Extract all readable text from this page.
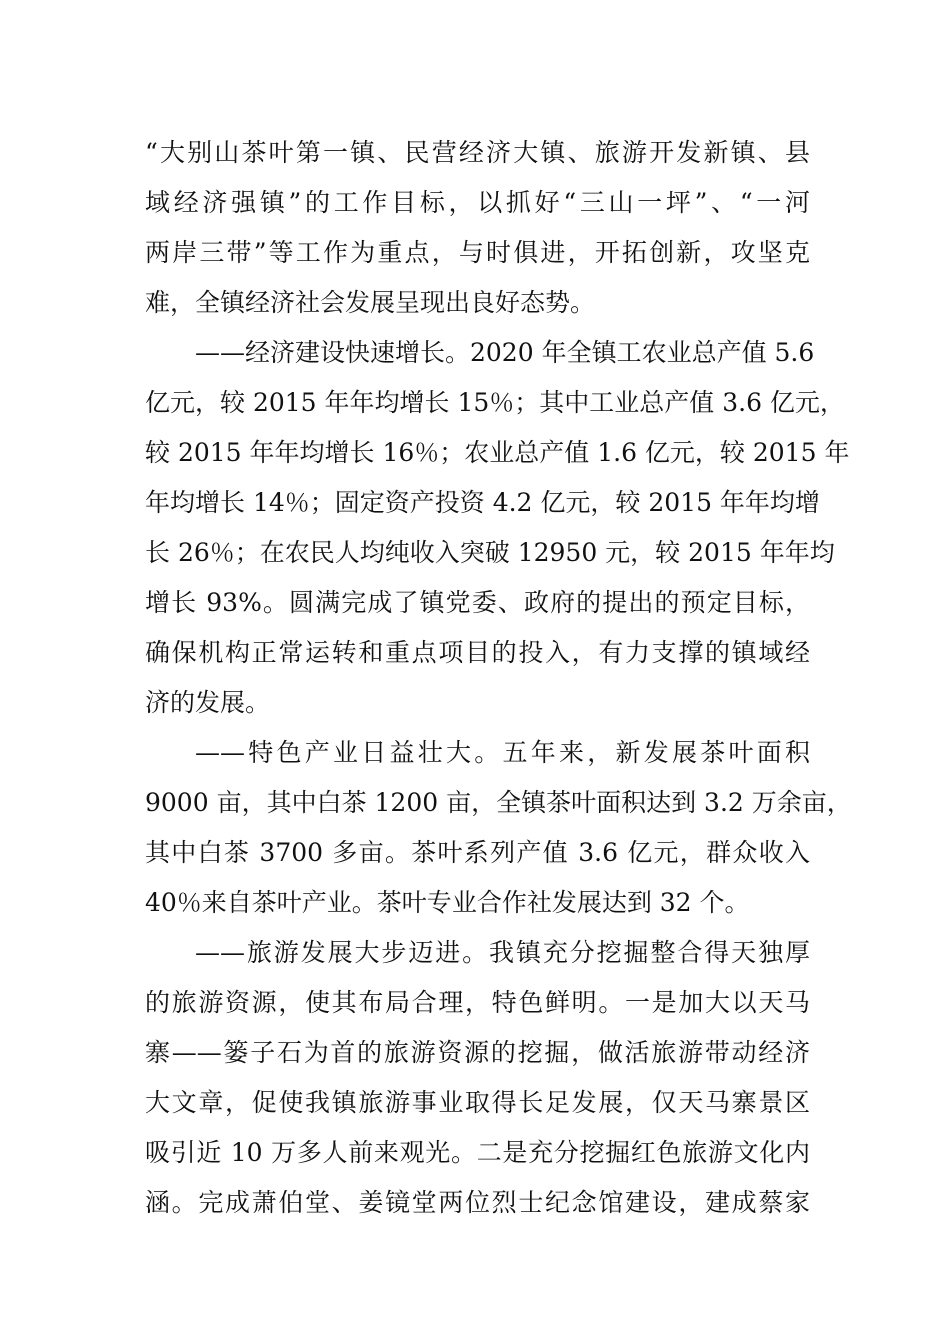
“大别山茶叶第一镇、民营经济大镇、旅游开发新镇、县
域经济强镇”的工作目标，以抓好“三山一坪”、“一河
两岸三带”等工作为重点，与时俱进，开拓创新，攻坚克
难，全镇经济社会发展呈现出良好态势。
——经济建设快速增长。2020 年全镇工农业总产值 5.6
亿元，较 2015 年年均增长 15％；其中工业总产值 3.6 亿元，
较 2015 年年均增长 16％；农业总产值 1.6 亿元，较 2015 年
年均增长 14％；固定资产投资 4.2 亿元，较 2015 年年均增
长 26％；在农民人均纯收入突破 12950 元，较 2015 年年均
增长 93%。圆满完成了镇党委、政府的提出的预定目标，
确保机构正常运转和重点项目的投入，有力支撑的镇域经
济的发展。
——特色产业日益壮大。五年来，新发展茶叶面积
9000 亩，其中白茶 1200 亩，全镇茶叶面积达到 3.2 万余亩，
其中白茶 3700 多亩。茶叶系列产值 3.6 亿元，群众收入
40％来自茶叶产业。茶叶专业合作社发展达到 32 个。
——旅游发展大步迈进。我镇充分挖掘整合得天独厚
的旅游资源，使其布局合理，特色鲜明。一是加大以天马
寨——篓子石为首的旅游资源的挖掘，做活旅游带动经济
大文章，促使我镇旅游事业取得长足发展，仅天马寨景区
吸引近 10 万多人前来观光。二是充分挖掘红色旅游文化内
涵。完成萧伯堂、姜镜堂两位烈士纪念馆建设，建成蔡家
